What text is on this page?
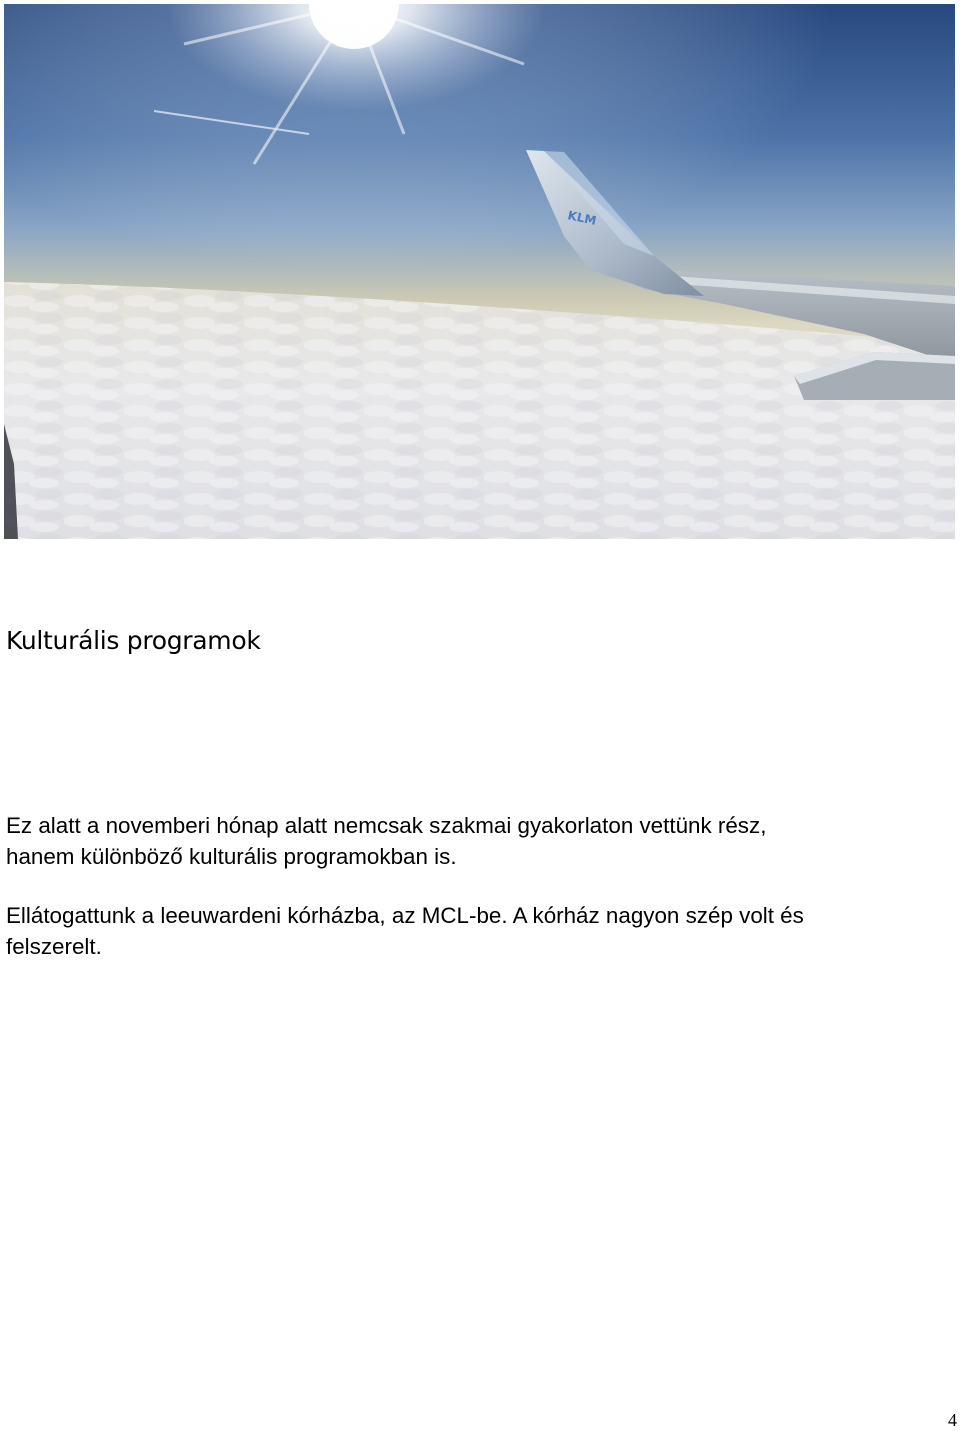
KLM
Kulturális programok

Ez alatt a novemberi hónap alatt nemcsak szakmai gyakorlaton vettünk rész,
hanem különböző kulturális programokban is.

Ellátogattunk a leeuwardeni kórházba, az MCL-be. A kórház nagyon szép volt és
felszerelt.

4
